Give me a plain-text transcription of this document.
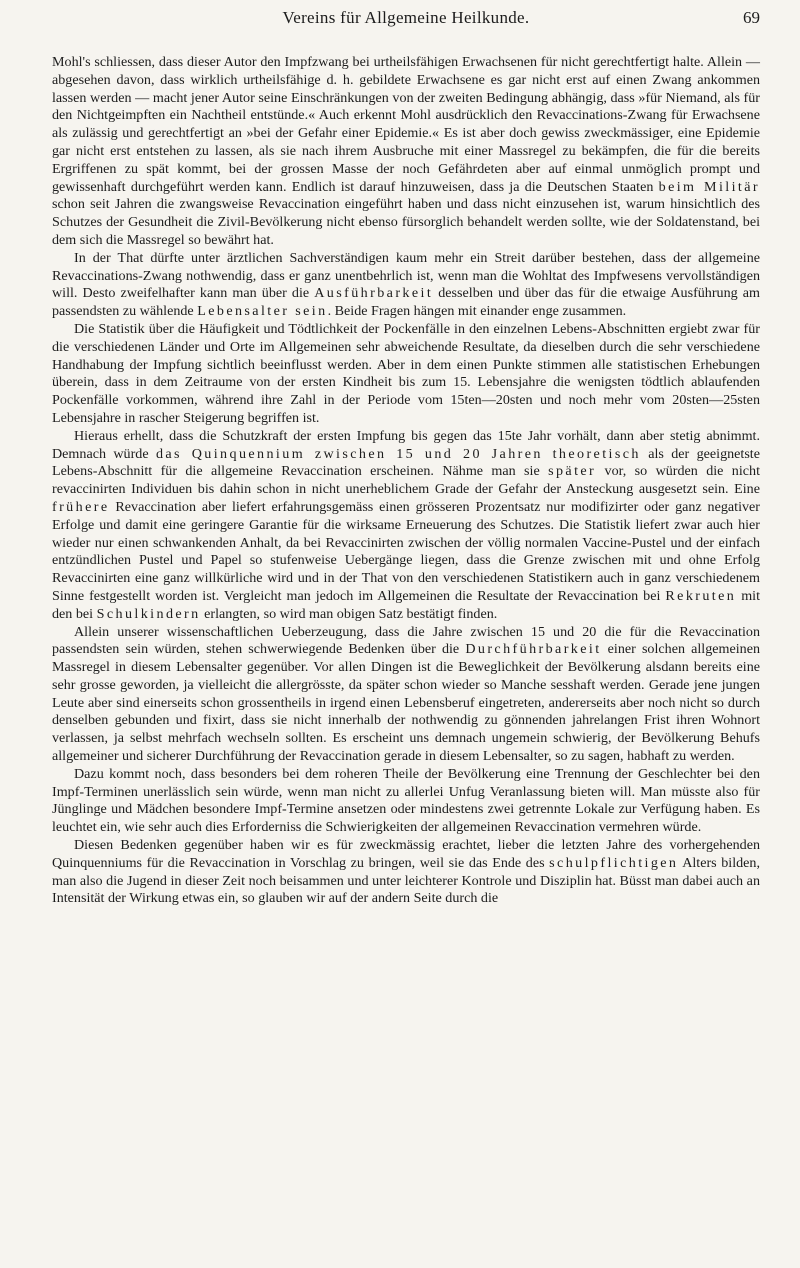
Vereins für Allgemeine Heilkunde.	69

Mohl's schliessen, dass dieser Autor den Impfzwang bei urtheilsfähigen Erwachsenen für nicht gerechtfertigt halte. Allein — abgesehen davon, dass wirklich urtheilsfähige d. h. gebildete Erwachsene es gar nicht erst auf einen Zwang ankommen lassen werden — macht jener Autor seine Einschränkungen von der zweiten Bedingung abhängig, dass »für Niemand, als für den Nichtgeimpften ein Nachtheil entstünde.« Auch erkennt Mohl ausdrücklich den Revaccinations-Zwang für Erwachsene als zulässig und gerechtfertigt an »bei der Gefahr einer Epidemie.« Es ist aber doch gewiss zweckmässiger, eine Epidemie gar nicht erst entstehen zu lassen, als sie nach ihrem Ausbruche mit einer Massregel zu bekämpfen, die für die bereits Ergriffenen zu spät kommt, bei der grossen Masse der noch Gefährdeten aber auf einmal unmöglich prompt und gewissenhaft durchgeführt werden kann. Endlich ist darauf hinzuweisen, dass ja die Deutschen Staaten beim Militär schon seit Jahren die zwangsweise Revaccination eingeführt haben und dass nicht einzusehen ist, warum hinsichtlich des Schutzes der Gesundheit die Zivil-Bevölkerung nicht ebenso fürsorglich behandelt werden sollte, wie der Soldatenstand, bei dem sich die Massregel so bewährt hat.

In der That dürfte unter ärztlichen Sachverständigen kaum mehr ein Streit darüber bestehen, dass der allgemeine Revaccinations-Zwang nothwendig, dass er ganz unentbehrlich ist, wenn man die Wohltat des Impfwesens vervollständigen will. Desto zweifelhafter kann man über die Ausführbarkeit desselben und über das für die etwaige Ausführung am passendsten zu wählende Lebensalter sein. Beide Fragen hängen mit einander enge zusammen.

Die Statistik über die Häufigkeit und Tödtlichkeit der Pockenfälle in den einzelnen Lebens-Abschnitten ergiebt zwar für die verschiedenen Länder und Orte im Allgemeinen sehr abweichende Resultate, da dieselben durch die sehr verschiedene Handhabung der Impfung sichtlich beeinflusst werden. Aber in dem einen Punkte stimmen alle statistischen Erhebungen überein, dass in dem Zeitraume von der ersten Kindheit bis zum 15. Lebensjahre die wenigsten tödtlich ablaufenden Pockenfälle vorkommen, während ihre Zahl in der Periode vom 15ten—20sten und noch mehr vom 20sten—25sten Lebensjahre in rascher Steigerung begriffen ist.

Hieraus erhellt, dass die Schutzkraft der ersten Impfung bis gegen das 15te Jahr vorhält, dann aber stetig abnimmt. Demnach würde das Quinquennium zwischen 15 und 20 Jahren theoretisch als der geeignetste Lebens-Abschnitt für die allgemeine Revaccination erscheinen. Nähme man sie später vor, so würden die nicht revaccinirten Individuen bis dahin schon in nicht unerheblichem Grade der Gefahr der Ansteckung ausgesetzt sein. Eine frühere Revaccination aber liefert erfahrungsgemäss einen grösseren Prozentsatz nur modifizirter oder ganz negativer Erfolge und damit eine geringere Garantie für die wirksame Erneuerung des Schutzes. Die Statistik liefert zwar auch hier wieder nur einen schwankenden Anhalt, da bei Revaccinirten zwischen der völlig normalen Vaccine-Pustel und der einfach entzündlichen Pustel und Papel so stufenweise Uebergänge liegen, dass die Grenze zwischen mit und ohne Erfolg Revaccinirten eine ganz willkürliche wird und in der That von den verschiedenen Statistikern auch in ganz verschiedenem Sinne festgestellt worden ist. Vergleicht man jedoch im Allgemeinen die Resultate der Revaccination bei Rekruten mit den bei Schulkindern erlangten, so wird man obigen Satz bestätigt finden.

Allein unserer wissenschaftlichen Ueberzeugung, dass die Jahre zwischen 15 und 20 die für die Revaccination passendsten sein würden, stehen schwerwiegende Bedenken über die Durchführbarkeit einer solchen allgemeinen Massregel in diesem Lebensalter gegenüber. Vor allen Dingen ist die Beweglichkeit der Bevölkerung alsdann bereits eine sehr grosse geworden, ja vielleicht die allergrösste, da später schon wieder so Manche sesshaft werden. Gerade jene jungen Leute aber sind einerseits schon grossentheils in irgend einen Lebensberuf eingetreten, andererseits aber noch nicht so durch denselben gebunden und fixirt, dass sie nicht innerhalb der nothwendig zu gönnenden jahrelangen Frist ihren Wohnort verlassen, ja selbst mehrfach wechseln sollten. Es erscheint uns demnach ungemein schwierig, der Bevölkerung Behufs allgemeiner und sicherer Durchführung der Revaccination gerade in diesem Lebensalter, so zu sagen, habhaft zu werden.

Dazu kommt noch, dass besonders bei dem roheren Theile der Bevölkerung eine Trennung der Geschlechter bei den Impf-Terminen unerlässlich sein würde, wenn man nicht zu allerlei Unfug Veranlassung bieten will. Man müsste also für Jünglinge und Mädchen besondere Impf-Termine ansetzen oder mindestens zwei getrennte Lokale zur Verfügung haben. Es leuchtet ein, wie sehr auch dies Erforderniss die Schwierigkeiten der allgemeinen Revaccination vermehren würde.

Diesen Bedenken gegenüber haben wir es für zweckmässig erachtet, lieber die letzten Jahre des vorhergehenden Quinquenniums für die Revaccination in Vorschlag zu bringen, weil sie das Ende des schulpflichtigen Alters bilden, man also die Jugend in dieser Zeit noch beisammen und unter leichterer Kontrole und Disziplin hat. Büsst man dabei auch an Intensität der Wirkung etwas ein, so glauben wir auf der andern Seite durch die
